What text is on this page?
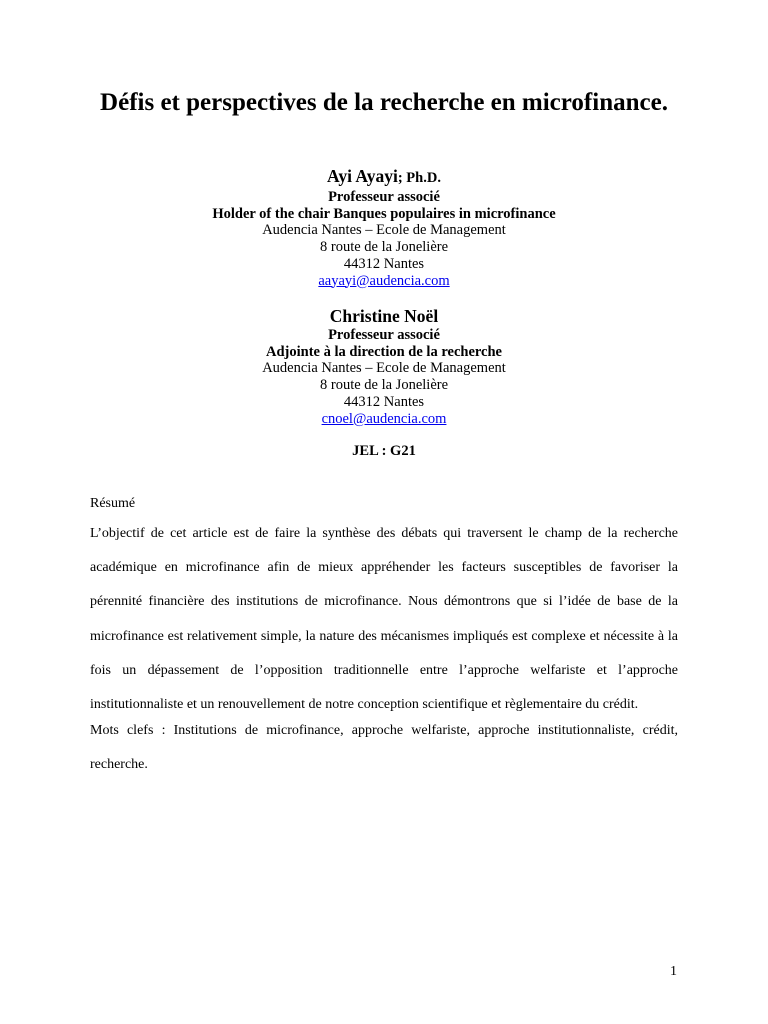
Défis et perspectives de la recherche en microfinance.
Ayi Ayayi; Ph.D.
Professeur associé
Holder of the chair Banques populaires in microfinance
Audencia Nantes – Ecole de Management
8 route de la Jonelière
44312 Nantes
aayayi@audencia.com
Christine Noël
Professeur associé
Adjointe à la direction de la recherche
Audencia Nantes – Ecole de Management
8 route de la Jonelière
44312 Nantes
cnoel@audencia.com
JEL : G21

Résumé

L’objectif de cet article est de faire la synthèse des débats qui traversent le champ de la recherche académique en microfinance afin de mieux appréhender les facteurs susceptibles de favoriser la pérennité financière des institutions de microfinance. Nous démontrons que si l’idée de base de la microfinance est relativement simple, la nature des mécanismes impliqués est complexe et nécessite à la fois un dépassement de l’opposition traditionnelle entre l’approche welfariste et l’approche institutionnaliste et un renouvellement de notre conception scientifique et règlementaire du crédit.

Mots clefs : Institutions de microfinance, approche welfariste, approche institutionnaliste, crédit, recherche.

1
